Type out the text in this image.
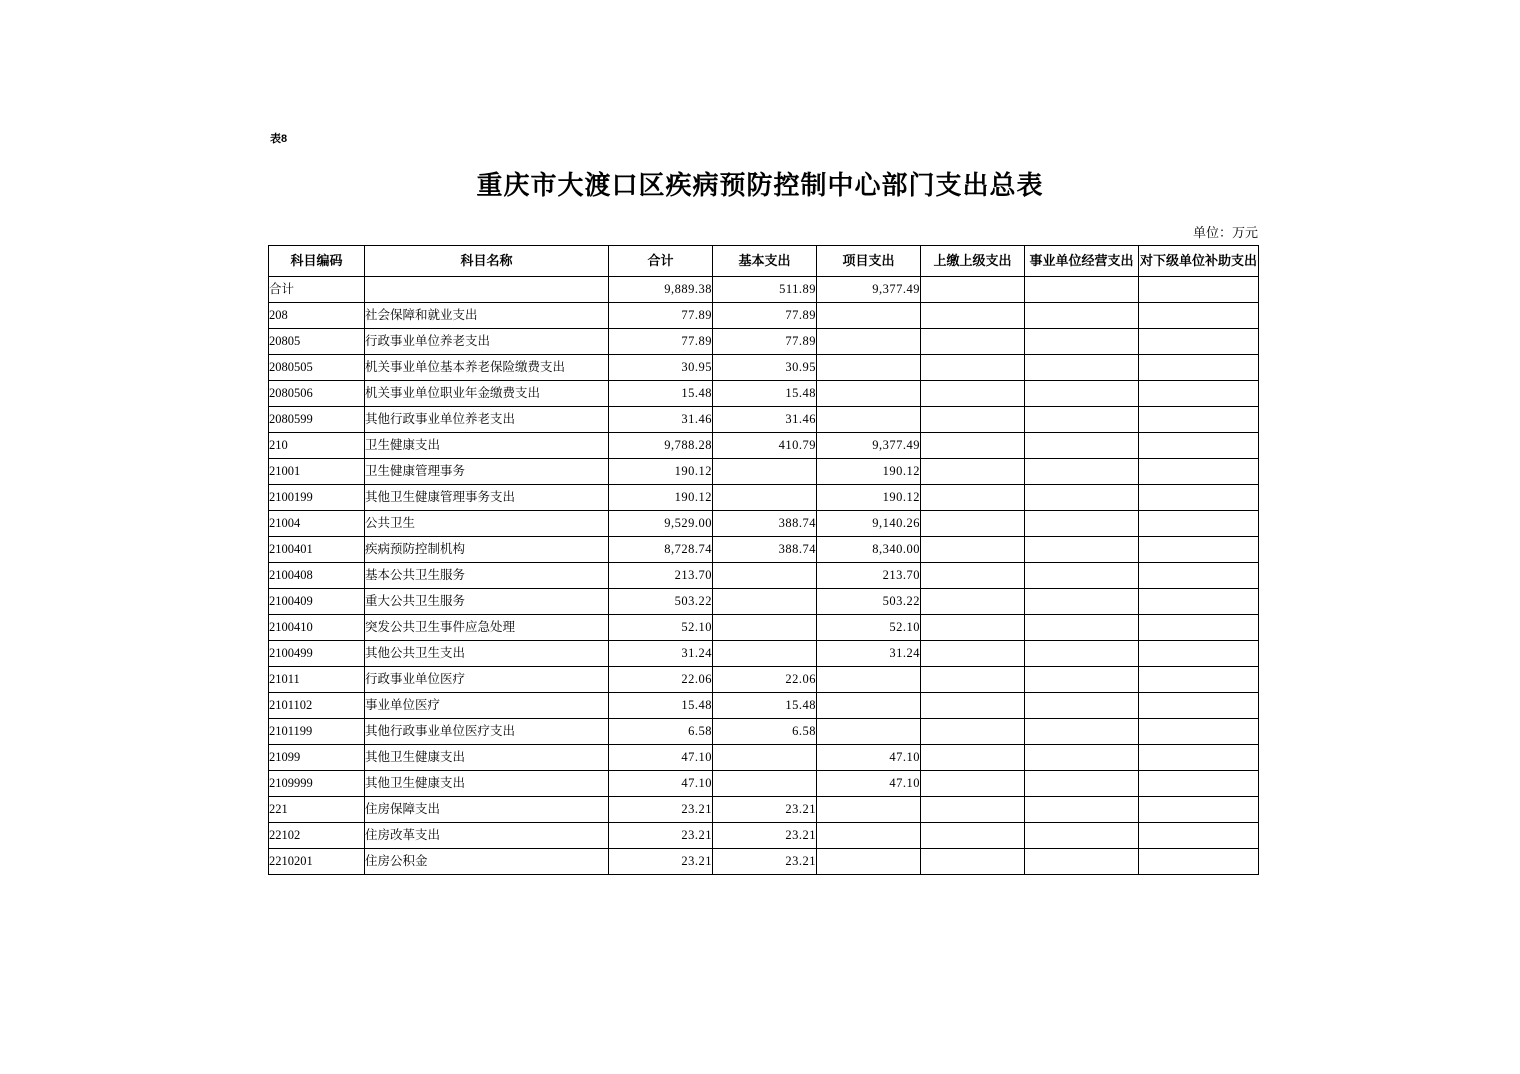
表8
重庆市大渡口区疾病预防控制中心部门支出总表
单位：万元
科目编码	科目名称	合计	基本支出	项目支出	上缴上级支出	事业单位经营支出	对下级单位补助支出
合计		9,889.38	511.89	9,377.49			
208	社会保障和就业支出	77.89	77.89				
20805	行政事业单位养老支出	77.89	77.89				
2080505	机关事业单位基本养老保险缴费支出	30.95	30.95				
2080506	机关事业单位职业年金缴费支出	15.48	15.48				
2080599	其他行政事业单位养老支出	31.46	31.46				
210	卫生健康支出	9,788.28	410.79	9,377.49			
21001	卫生健康管理事务	190.12		190.12			
2100199	其他卫生健康管理事务支出	190.12		190.12			
21004	公共卫生	9,529.00	388.74	9,140.26			
2100401	疾病预防控制机构	8,728.74	388.74	8,340.00			
2100408	基本公共卫生服务	213.70		213.70			
2100409	重大公共卫生服务	503.22		503.22			
2100410	突发公共卫生事件应急处理	52.10		52.10			
2100499	其他公共卫生支出	31.24		31.24			
21011	行政事业单位医疗	22.06	22.06				
2101102	事业单位医疗	15.48	15.48				
2101199	其他行政事业单位医疗支出	6.58	6.58				
21099	其他卫生健康支出	47.10		47.10			
2109999	其他卫生健康支出	47.10		47.10			
221	住房保障支出	23.21	23.21				
22102	住房改革支出	23.21	23.21				
2210201	住房公积金	23.21	23.21				
